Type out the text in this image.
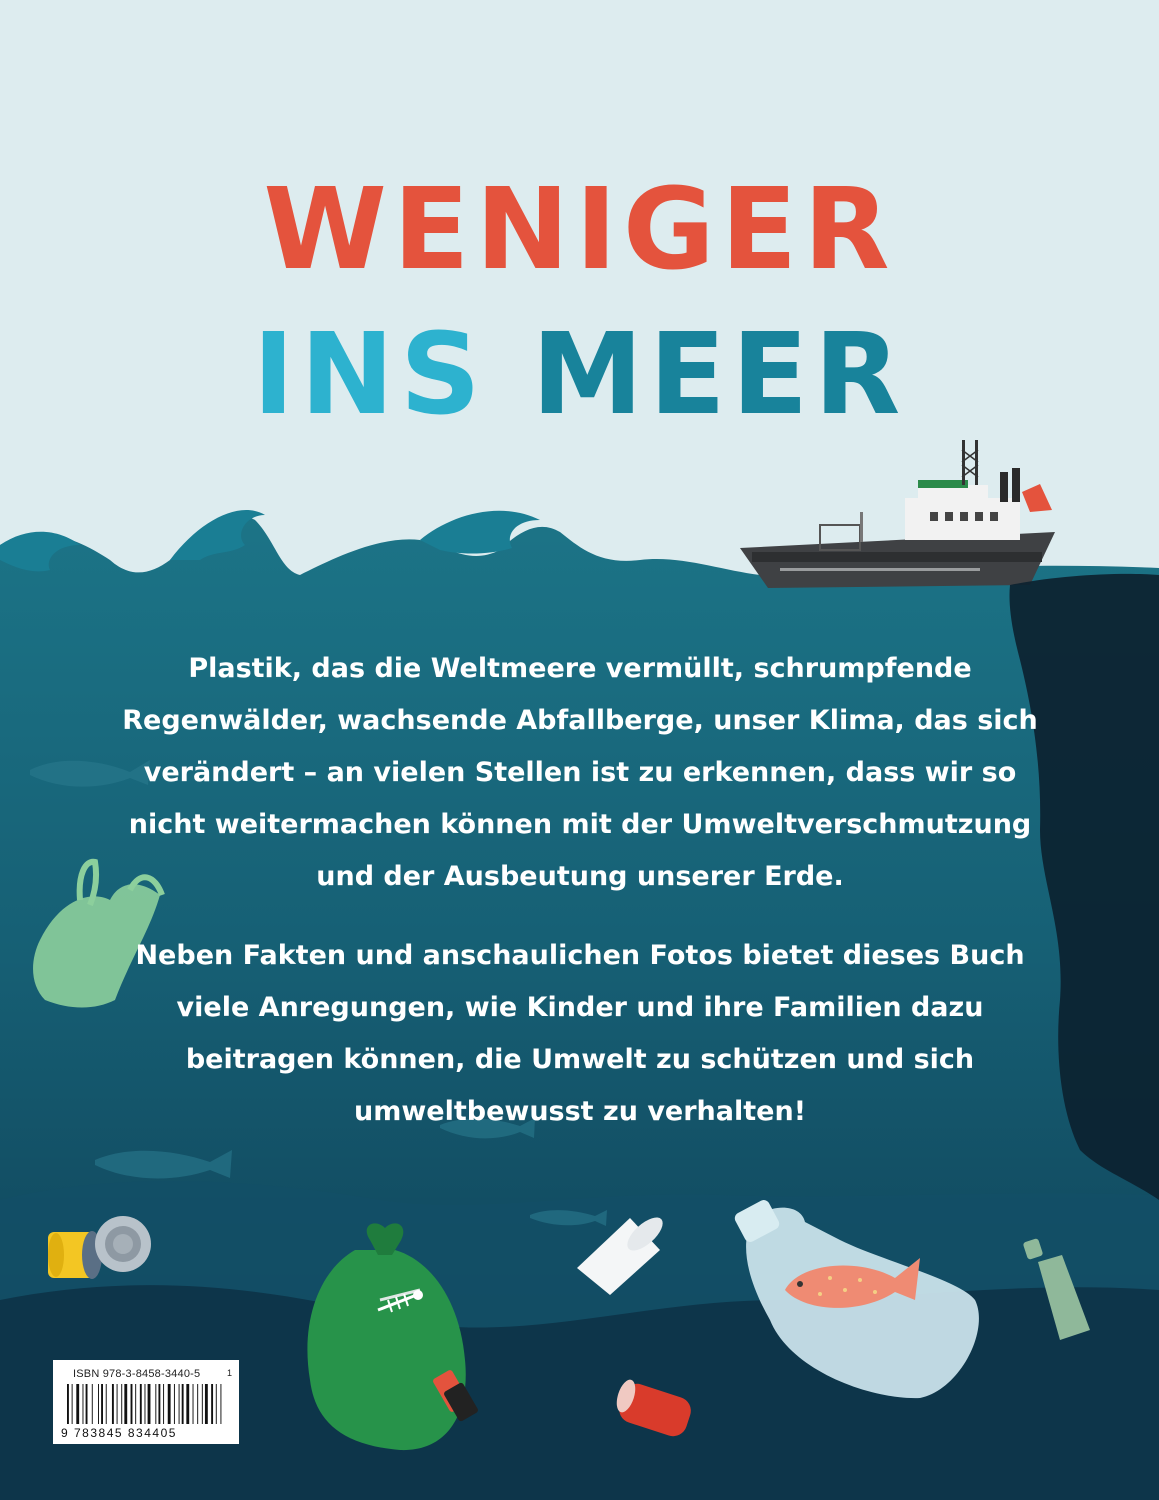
WENIGER
INS MEER

Plastik, das die Weltmeere vermüllt, schrumpfende Regenwälder, wachsende Abfallberge, unser Klima, das sich verändert – an vielen Stellen ist zu erkennen, dass wir so nicht weitermachen können mit der Umweltverschmutzung und der Ausbeutung unserer Erde.

Neben Fakten und anschaulichen Fotos bietet dieses Buch viele Anregungen, wie Kinder und ihre Familien dazu beitragen können, die Umwelt zu schützen und sich umweltbewusst zu verhalten!

ISBN 978-3-8458-3440-5	1
9 783845 834405
